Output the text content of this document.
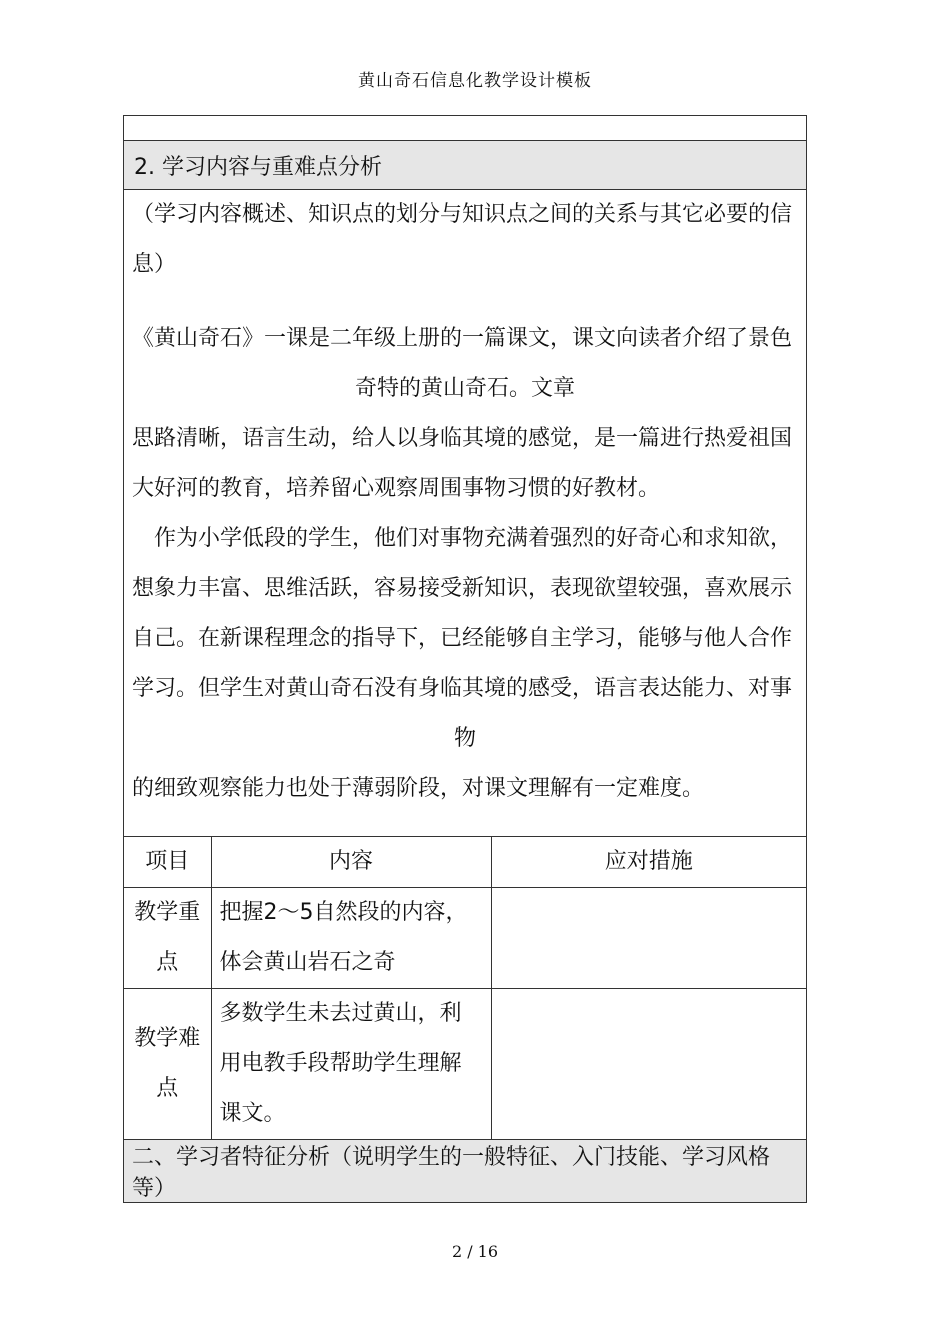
黄山奇石信息化教学设计模板

2. 学习内容与重难点分析

（学习内容概述、知识点的划分与知识点之间的关系与其它必要的信息）

《黄山奇石》一课是二年级上册的一篇课文，课文向读者介绍了景色

奇特的黄山奇石。文章

思路清晰，语言生动，给人以身临其境的感觉，是一篇进行热爱祖国大好河的教育，培养留心观察周围事物习惯的好教材。

作为小学低段的学生，他们对事物充满着强烈的好奇心和求知欲，想象力丰富、思维活跃，容易接受新知识，表现欲望较强，喜欢展示自己。在新课程理念的指导下，已经能够自主学习，能够与他人合作学习。但学生对黄山奇石没有身临其境的感受，语言表达能力、对事

物

的细致观察能力也处于薄弱阶段，对课文理解有一定难度。

项目	内容	应对措施
教学重点	把握2～5自然段的内容，体会黄山岩石之奇	
教学难点	多数学生未去过黄山，利用电教手段帮助学生理解课文。	

二、学习者特征分析（说明学生的一般特征、入门技能、学习风格等）
2 / 16
